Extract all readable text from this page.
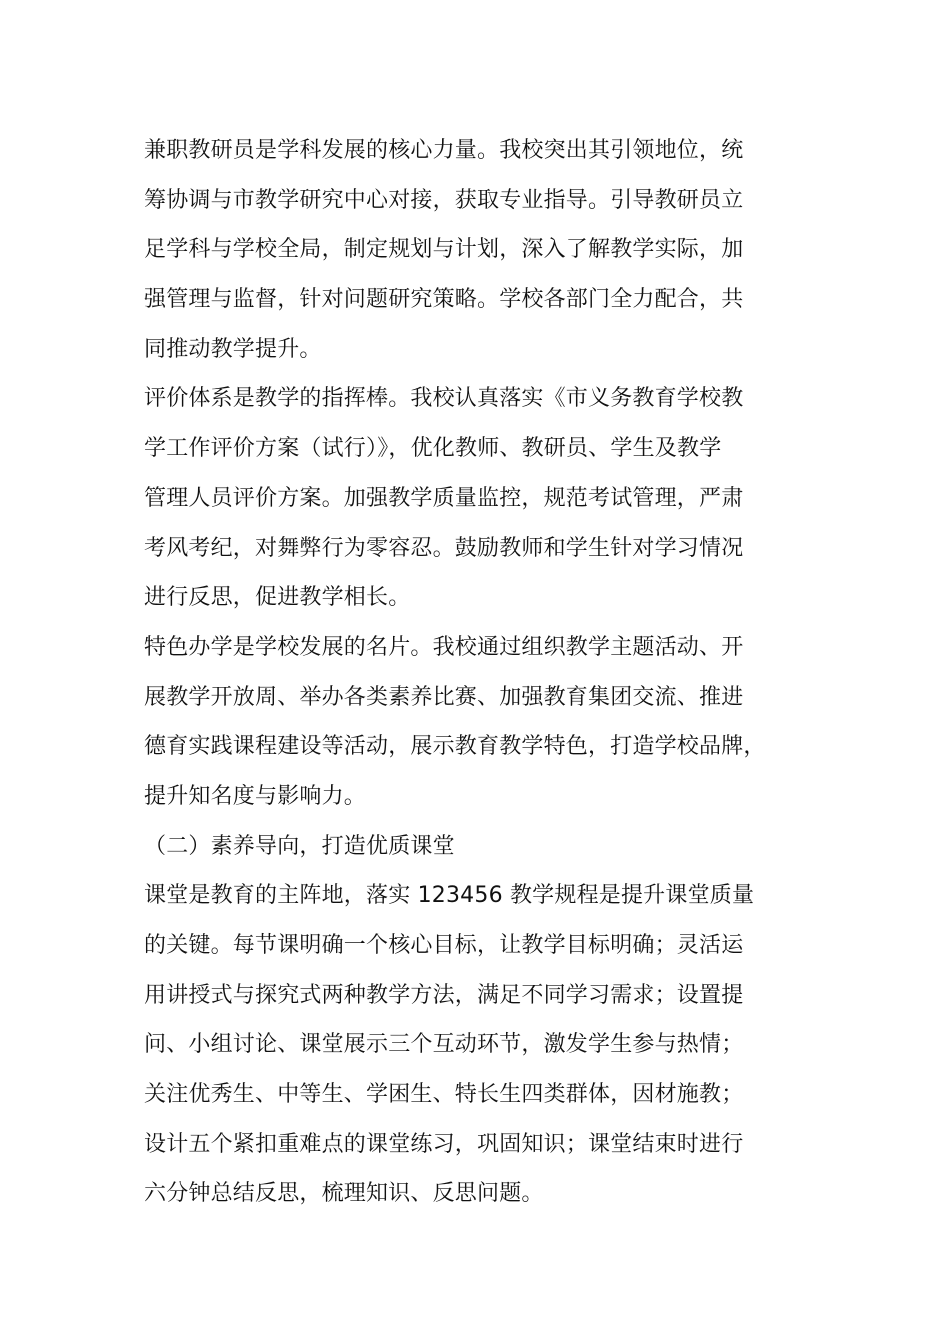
兼职教研员是学科发展的核心力量。我校突出其引领地位，统
筹协调与市教学研究中心对接，获取专业指导。引导教研员立
足学科与学校全局，制定规划与计划，深入了解教学实际，加
强管理与监督，针对问题研究策略。学校各部门全力配合，共
同推动教学提升。
评价体系是教学的指挥棒。我校认真落实《市义务教育学校教
学工作评价方案（试行）》，优化教师、教研员、学生及教学
管理人员评价方案。加强教学质量监控，规范考试管理，严肃
考风考纪，对舞弊行为零容忍。鼓励教师和学生针对学习情况
进行反思，促进教学相长。
特色办学是学校发展的名片。我校通过组织教学主题活动、开
展教学开放周、举办各类素养比赛、加强教育集团交流、推进
德育实践课程建设等活动，展示教育教学特色，打造学校品牌，
提升知名度与影响力。
（二）素养导向，打造优质课堂
课堂是教育的主阵地，落实 123456 教学规程是提升课堂质量
的关键。每节课明确一个核心目标，让教学目标明确；灵活运
用讲授式与探究式两种教学方法，满足不同学习需求；设置提
问、小组讨论、课堂展示三个互动环节，激发学生参与热情；
关注优秀生、中等生、学困生、特长生四类群体，因材施教；
设计五个紧扣重难点的课堂练习，巩固知识；课堂结束时进行
六分钟总结反思，梳理知识、反思问题。
